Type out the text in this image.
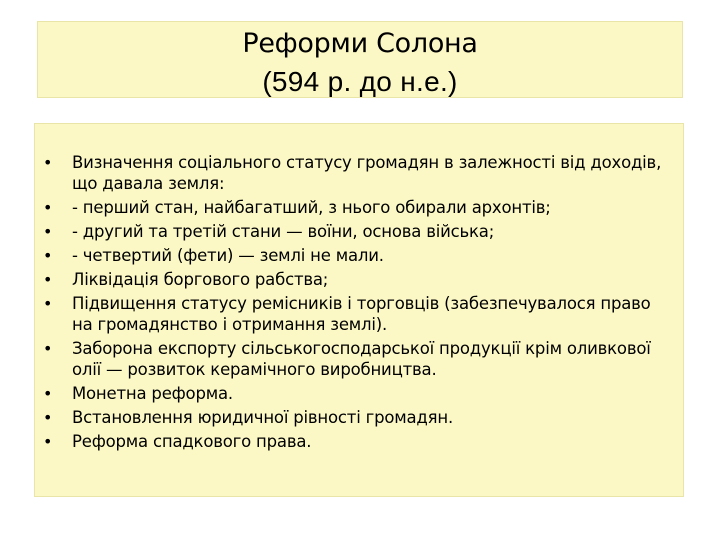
Реформи Солона
(594 р. до н.е.)
• Визначення соціального статусу громадян в залежності від доходів, що давала земля:
• - перший стан, найбагатший, з нього обирали архонтів;
• - другий та третій стани — воїни, основа війська;
• - четвертий (фети) — землі не мали.
• Ліквідація боргового рабства;
• Підвищення статусу ремісників і торговців (забезпечувалося право на громадянство і отримання землі).
• Заборона експорту сільськогосподарської продукції крім оливкової олії — розвиток керамічного виробництва.
• Монетна реформа.
• Встановлення юридичної рівності громадян.
• Реформа спадкового права.
